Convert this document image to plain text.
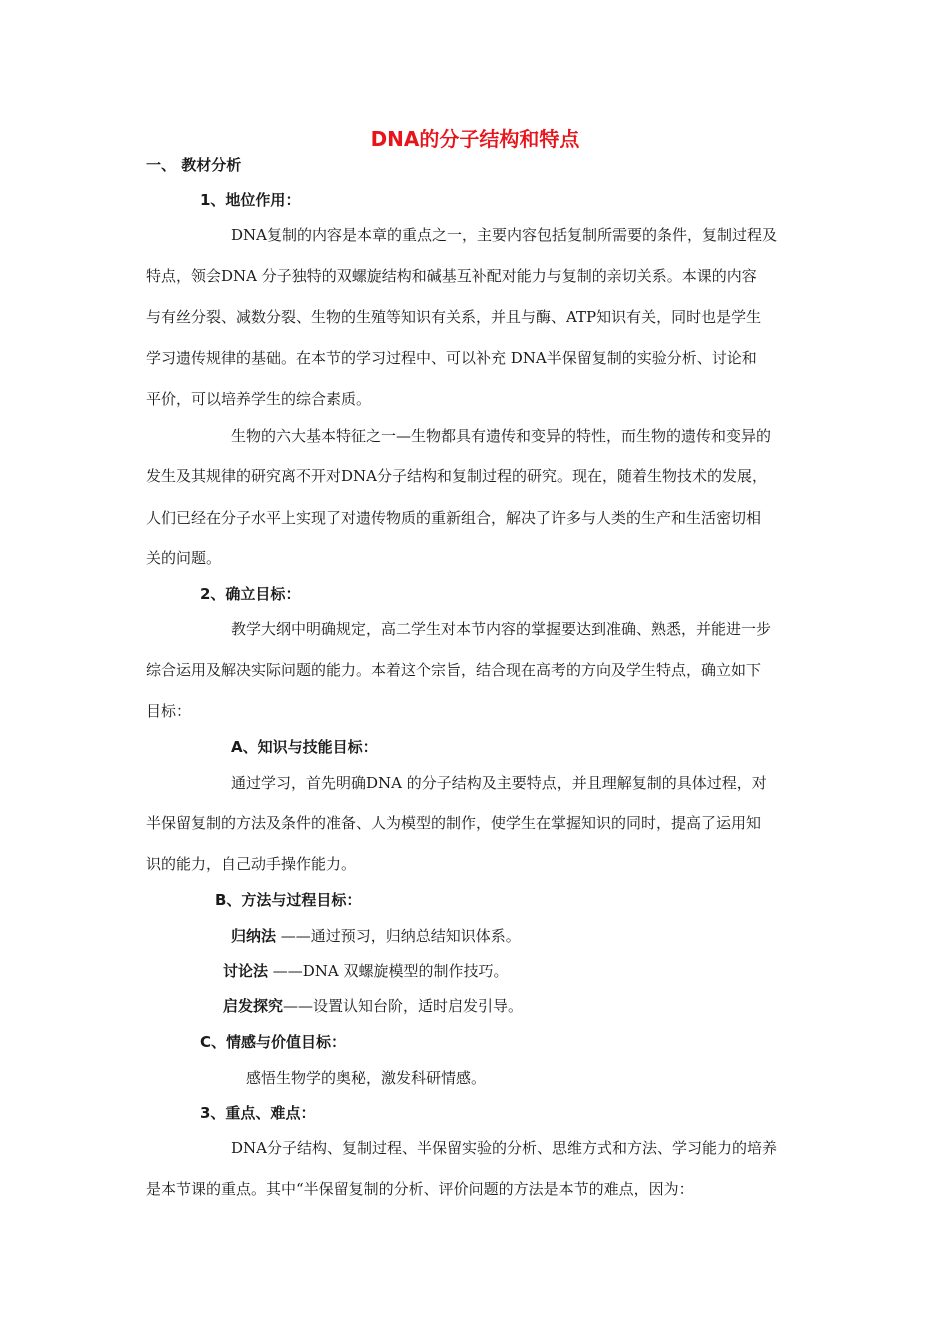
DNA的分子结构和特点
一、 教材分析
1、地位作用：
DNA复制的内容是本章的重点之一，主要内容包括复制所需要的条件，复制过程及
特点，领会DNA 分子独特的双螺旋结构和碱基互补配对能力与复制的亲切关系。本课的内容
与有丝分裂、减数分裂、生物的生殖等知识有关系，并且与酶、ATP知识有关，同时也是学生
学习遗传规律的基础。在本节的学习过程中、可以补充 DNA半保留复制的实验分析、讨论和
平价，可以培养学生的综合素质。
生物的六大基本特征之一—生物都具有遗传和变异的特性，而生物的遗传和变异的
发生及其规律的研究离不开对DNA分子结构和复制过程的研究。现在，随着生物技术的发展，
人们已经在分子水平上实现了对遗传物质的重新组合，解决了许多与人类的生产和生活密切相
关的问题。
2、确立目标：
教学大纲中明确规定，高二学生对本节内容的掌握要达到准确、熟悉，并能进一步
综合运用及解决实际问题的能力。本着这个宗旨，结合现在高考的方向及学生特点，确立如下
目标：
A、知识与技能目标：
通过学习，首先明确DNA 的分子结构及主要特点，并且理解复制的具体过程，对
半保留复制的方法及条件的准备、人为模型的制作，使学生在掌握知识的同时，提高了运用知
识的能力，自己动手操作能力。
B、方法与过程目标：
归纳法 ——通过预习，归纳总结知识体系。
讨论法 ——DNA 双螺旋模型的制作技巧。
启发探究——设置认知台阶，适时启发引导。
C、情感与价值目标：
感悟生物学的奥秘，激发科研情感。
3、重点、难点：
DNA分子结构、复制过程、半保留实验的分析、思维方式和方法、学习能力的培养
是本节课的重点。其中“半保留复制的分析、评价问题的方法是本节的难点，因为：
